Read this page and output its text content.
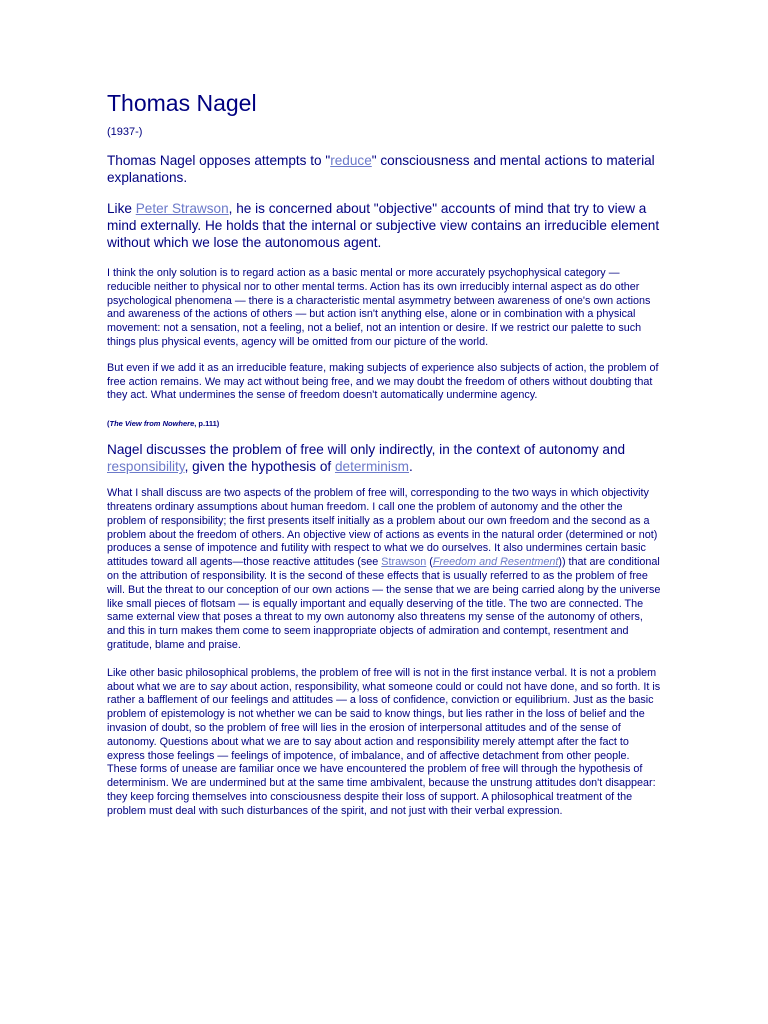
Thomas Nagel

(1937-)

Thomas Nagel opposes attempts to "reduce" consciousness and mental actions to material explanations.

Like Peter Strawson, he is concerned about "objective" accounts of mind that try to view a mind externally. He holds that the internal or subjective view contains an irreducible element without which we lose the autonomous agent.

I think the only solution is to regard action as a basic mental or more accurately psychophysical category — reducible neither to physical nor to other mental terms. Action has its own irreducibly internal aspect as do other psychological phenomena — there is a characteristic mental asymmetry between awareness of one's own actions and awareness of the actions of others — but action isn't anything else, alone or in combination with a physical movement: not a sensation, not a feeling, not a belief, not an intention or desire. If we restrict our palette to such things plus physical events, agency will be omitted from our picture of the world.

But even if we add it as an irreducible feature, making subjects of experience also subjects of action, the problem of free action remains. We may act without being free, and we may doubt the freedom of others without doubting that they act. What undermines the sense of freedom doesn't automatically undermine agency.

(The View from Nowhere, p.111)

Nagel discusses the problem of free will only indirectly, in the context of autonomy and responsibility, given the hypothesis of determinism.

What I shall discuss are two aspects of the problem of free will, corresponding to the two ways in which objectivity threatens ordinary assumptions about human freedom. I call one the problem of autonomy and the other the problem of responsibility; the first presents itself initially as a problem about our own freedom and the second as a problem about the freedom of others. An objective view of actions as events in the natural order (determined or not) produces a sense of impotence and futility with respect to what we do ourselves. It also undermines certain basic attitudes toward all agents—those reactive attitudes (see Strawson (Freedom and Resentment)) that are conditional on the attribution of responsibility. It is the second of these effects that is usually referred to as the problem of free will. But the threat to our conception of our own actions — the sense that we are being carried along by the universe like small pieces of flotsam — is equally important and equally deserving of the title. The two are connected. The same external view that poses a threat to my own autonomy also threatens my sense of the autonomy of others, and this in turn makes them come to seem inappropriate objects of admiration and contempt, resentment and gratitude, blame and praise.

Like other basic philosophical problems, the problem of free will is not in the first instance verbal. It is not a problem about what we are to say about action, responsibility, what someone could or could not have done, and so forth. It is rather a bafflement of our feelings and attitudes — a loss of confidence, conviction or equilibrium. Just as the basic problem of epistemology is not whether we can be said to know things, but lies rather in the loss of belief and the invasion of doubt, so the problem of free will lies in the erosion of interpersonal attitudes and of the sense of autonomy. Questions about what we are to say about action and responsibility merely attempt after the fact to express those feelings — feelings of impotence, of imbalance, and of affective detachment from other people. These forms of unease are familiar once we have encountered the problem of free will through the hypothesis of determinism. We are undermined but at the same time ambivalent, because the unstrung attitudes don't disappear: they keep forcing themselves into consciousness despite their loss of support. A philosophical treatment of the problem must deal with such disturbances of the spirit, and not just with their verbal expression.
